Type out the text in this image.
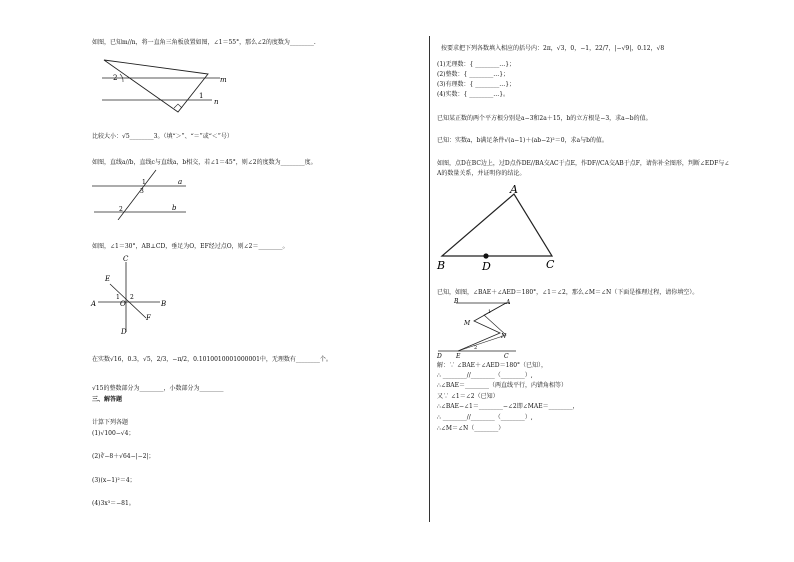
如图，已知m//n，将一直角三角板放置如图，∠1＝55°，那么∠2的度数为________.
2
1
m
n
比较大小：√5________3。（填“＞”、“＝”或“＜”号）
如图，直线a//b，直线c与直线a，b相交，若∠1＝45°，则∠2的度数为________度。
a
b
1
3
2
如图，∠1＝30°，AB⊥CD，垂足为O，EF经过点O，则∠2＝________。
C
E
A	O	B
F
D
1 2
在实数√16，0.3，√5，2/3，−π/2，0.1010010001000001中，无理数有________个。
√15的整数部分为________，小数部分为________
三、解答题
计算下列各题
(1)√100−√4；
(2)∛−8＋√64−|−2|；
(3)(x−1)²＝4；
(4)3x³＝−81。
按要求把下列各数填入相应的括号内：2π，√3，0，−1，22/7，|−√9|，0.12，√8
(1)无理数：{ ________…}；
(2)整数：{ ________…}；
(3)有理数：{ ________…}；
(4)实数：{ ________…}。
已知某正数的两个平方根分别是a−3和2a＋15，b的立方根是−3，求a−b的值。
已知：实数a，b满足条件√(a−1)＋(ab−2)²＝0，求a与b的值。
如图，点D在BC边上，过D点作DE//BA交AC于点E，作DF//CA交AB于点F，请你补全图形，判断∠EDF与∠
A的数量关系，并证明你的结论。
A
B	D	C
已知，如图，∠BAE＋∠AED＝180°，∠1＝∠2，那么∠M＝∠N（下面是推理过程，请你填空）。
B	A
M
N
D E	C
1
2
解：∵ ∠BAE＋∠AED＝180°（已知），
∴ ________//________（________）,
∴∠BAE＝________（两直线平行，内错角相等）
又∵ ∠1＝∠2（已知）
∴∠BAE−∠1＝________−∠2即∠MAE＝________，
∴ ________//________（________）,
∴∠M＝∠N（________）
